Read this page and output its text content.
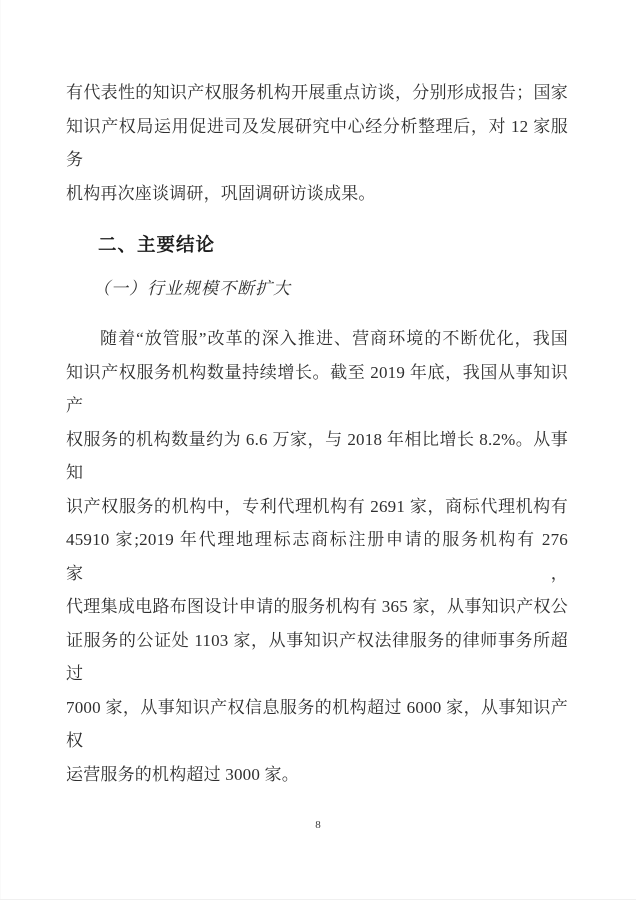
有代表性的知识产权服务机构开展重点访谈，分别形成报告；国家
知识产权局运用促进司及发展研究中心经分析整理后，对 12 家服务
机构再次座谈调研，巩固调研访谈成果。

二、主要结论
（一）行业规模不断扩大

随着“放管服”改革的深入推进、营商环境的不断优化，我国
知识产权服务机构数量持续增长。截至 2019 年底，我国从事知识产
权服务的机构数量约为 6.6 万家，与 2018 年相比增长 8.2%。从事知
识产权服务的机构中，专利代理机构有 2691 家，商标代理机构有
45910 家;2019 年代理地理标志商标注册申请的服务机构有 276 家，
代理集成电路布图设计申请的服务机构有 365 家，从事知识产权公
证服务的公证处 1103 家，从事知识产权法律服务的律师事务所超过
7000 家，从事知识产权信息服务的机构超过 6000 家，从事知识产权
运营服务的机构超过 3000 家。

8
